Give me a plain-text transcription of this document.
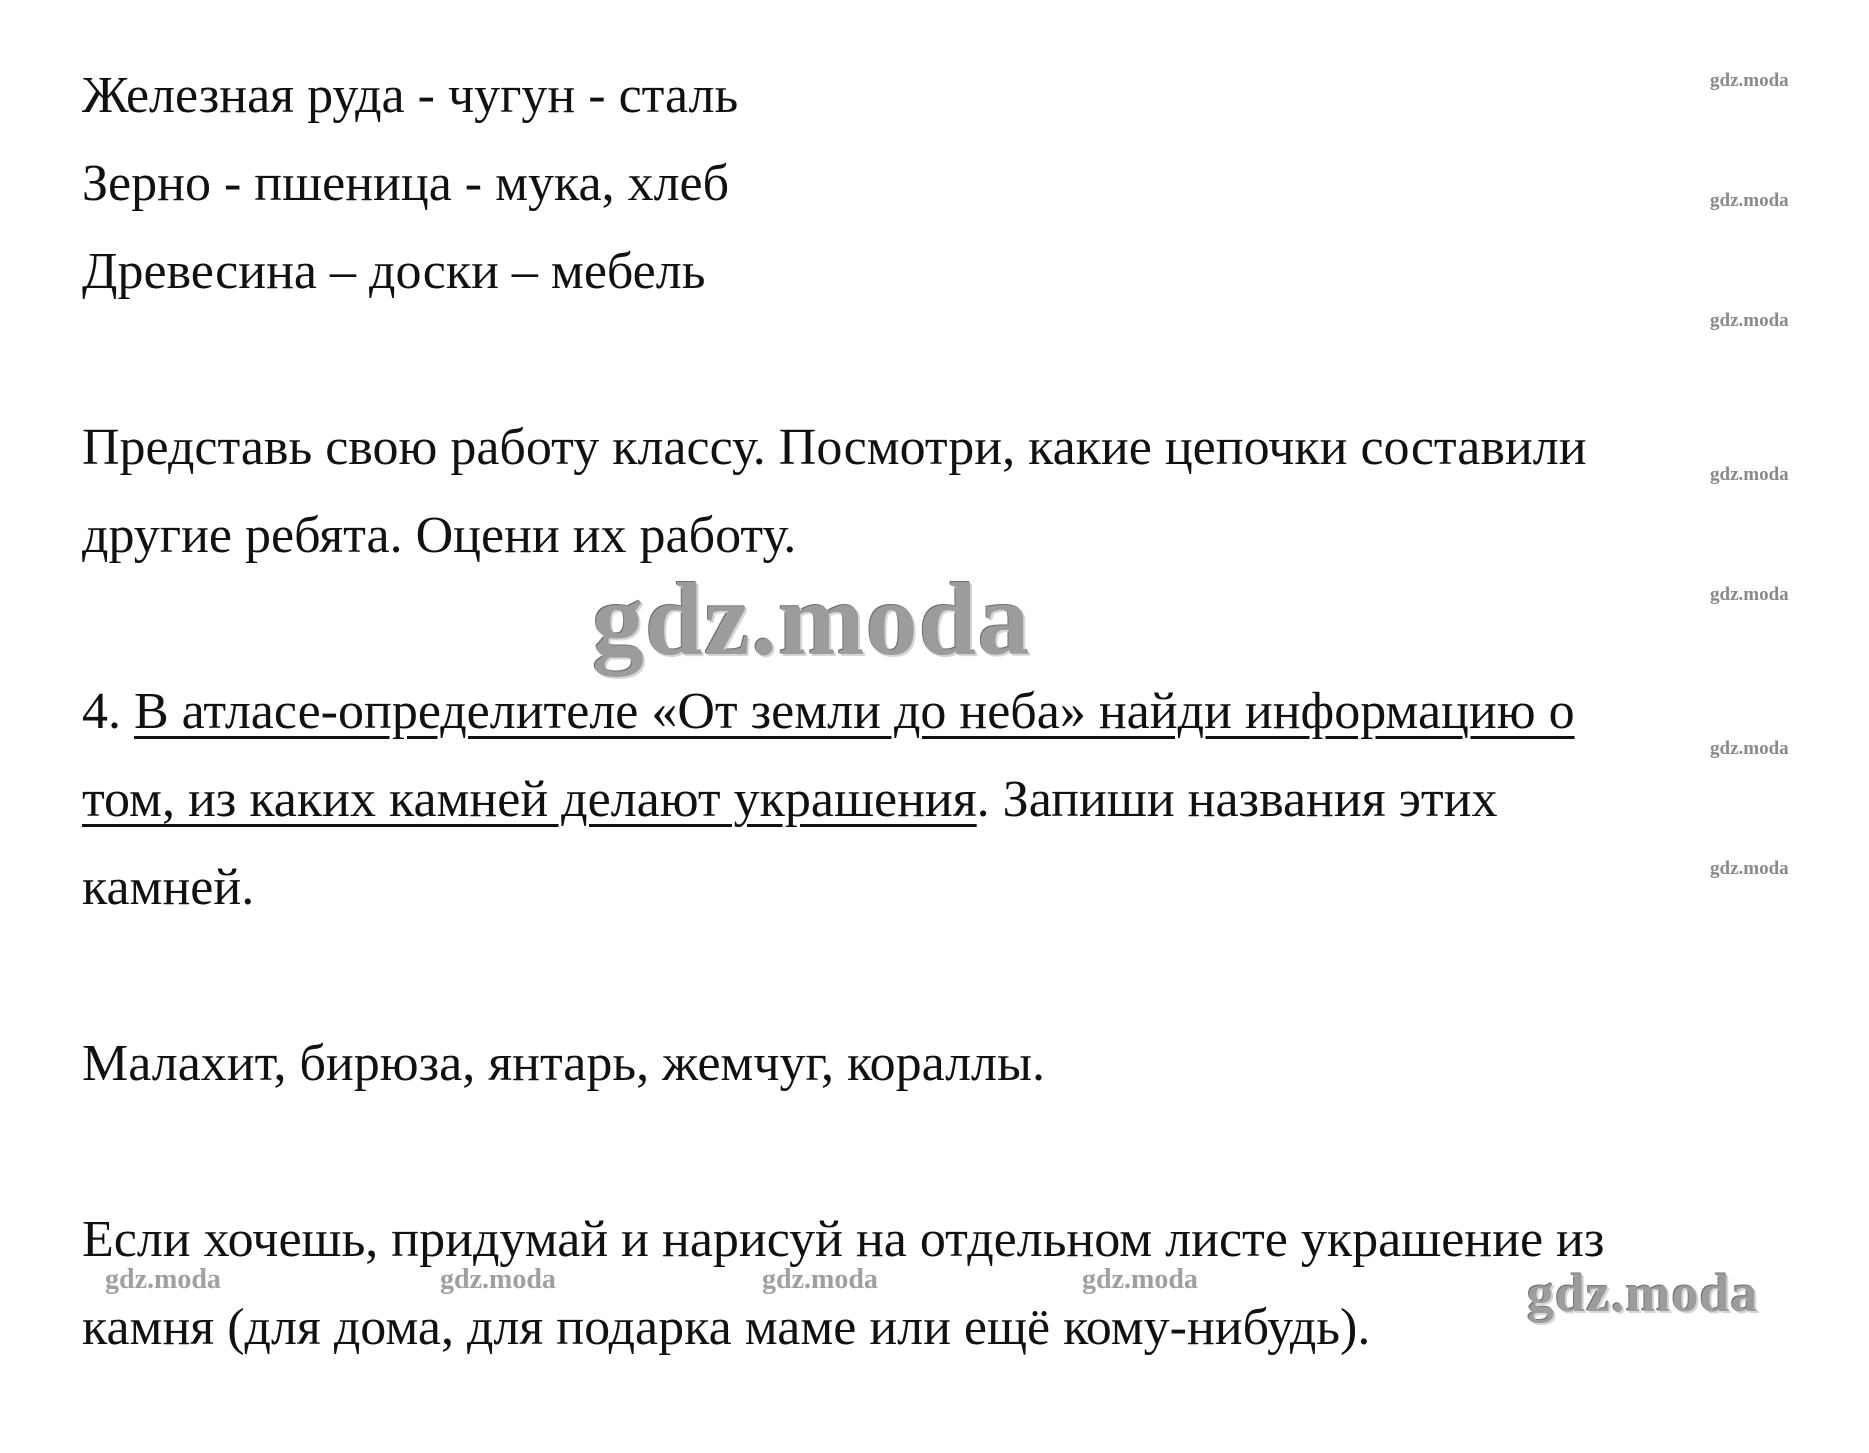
Железная руда - чугун - сталь

Зерно - пшеница - мука, хлеб

Древесина – доски – мебель

Представь свою работу классу. Посмотри, какие цепочки составили

другие ребята. Оцени их работу.

4. В атласе-определителе «От земли до неба» найди информацию о

том, из каких камней делают украшения. Запиши названия этих

камней.

Малахит, бирюза, янтарь, жемчуг, кораллы.

Если хочешь, придумай и нарисуй на отдельном листе украшение из

камня (для дома, для подарка маме или ещё кому-нибудь).

gdz.moda
gdz.moda
gdz.moda
gdz.moda
gdz.moda
gdz.moda
gdz.moda
gdz.moda	gdz.moda	gdz.moda	gdz.moda
gdz.moda
gdz.moda
